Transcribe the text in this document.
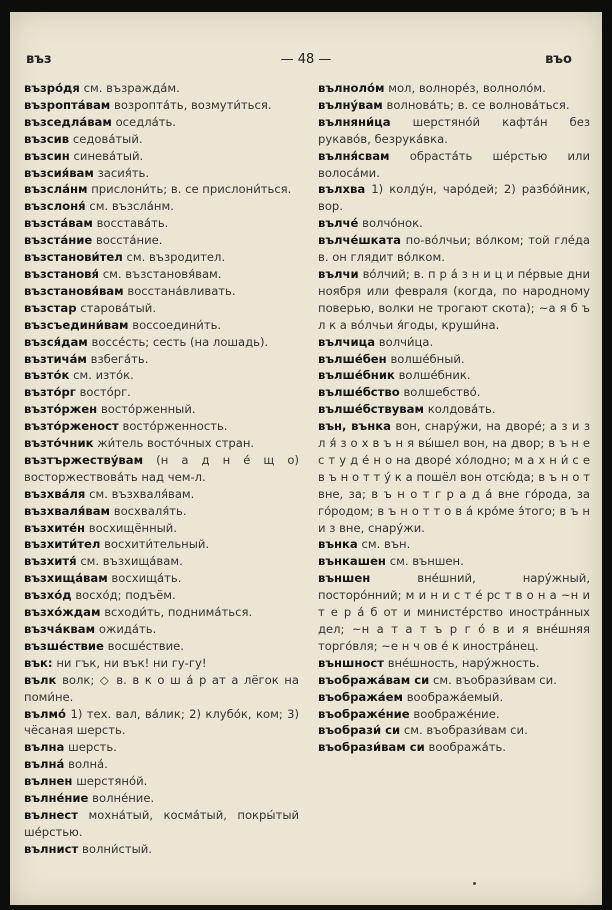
въз	— 48 —	въо
възро́дя см. възражда́м.
възропта́вам возропта́ть, возмути́ться.
възседла́вам оседла́ть.
възсив седова́тый.
възсин синева́тый.
възсия́вам засия́ть.
възсла́нм прислони́ть; в. се прислони́ться.
възслоня́ см. възсла́нм.
възста́вам восстава́ть.
възста́ние восста́ние.
възстанови́тел см. възродител.
възстановя́ см. възстановя́вам.
възстановя́вам восстана́вливать.
възстар старова́тый.
възсъедини́вам воссоедини́ть.
възся́дам воссе́сть; сесть (на лошадь).
възтича́м взбега́ть.
възто́к см. изто́к.
възто́рг восто́рг.
възто́ржен восто́рженный.
възто́рженост восто́рженность.
възто́чник жи́тель восто́чных стран.
възтържеству́вам (н а д н е́ щ о) восторжествова́ть над чем-л.
възхва́ля см. възхваля́вам.
възхваля́вам восхваля́ть.
възхите́н восхищённый.
възхити́тел восхити́тельный.
възхитя́ см. възхища́вам.
възхища́вам восхища́ть.
възхо́д восхо́д; подъём.
възхо́ждам всходи́ть, поднима́ться.
възча́квам ожида́ть.
възше́ствие восше́ствие.
вък: ни гък, ни вък! ни гу-гу!
вълк волк; ◇ в. в к о ш а́ р ат а лёгок на поми́не.
вълмо́ 1) тех. вал, ва́лик; 2) клубо́к, ком; 3) чёсаная шерсть.
вълна шерсть.
вълна́ волна́.
вълнен шерстяно́й.
вълне́ние волне́ние.
вълнест мохна́тый, косма́тый, покры́тый ше́рстью.
вълнист волни́стый.
вълноло́м мол, волноре́з, волноло́м.
вълну́вам волнова́ть; в. се волнова́ться.
вълняни́ца шерстяно́й кафта́н без рукаво́в, безрука́вка.
вълня́свам обраста́ть ше́рстью или волоса́ми.
вълхва 1) колду́н, чаро́дей; 2) разбо́йник, вор.
вълче́ волчо́нок.
вълче́шката по-во́лчьи; во́лком; той гле́да в. он глядит во́лком.
вълчи во́лчий; в. п р а́ з н и ц и пе́рвые дни ноября или февраля (когда, по народному поверью, волки не трогают скота); ~а я б ъ л к а во́лчьи я́годы, круши́на.
вълчица волчи́ца.
вълше́бен волше́бный.
вълше́бник волше́бник.
вълше́бство волшебство́.
вълше́бствувам колдова́ть.
вън, вънка вон, снару́жи, на дворе́; а з и з л я́ з о х в ъ н я вы́шел вон, на двор; в ъ н е с т у д е́ н о на дворе́ хо́лодно; м а х н и́ с е в ъ н о т т у́ к а пошёл вон отсю́да; в ъ н о т вне, за; в ъ н о т г р а д а́ вне го́рода, за го́родом; в ъ н о т т о в а́ кро́ме э́того; в ъ н и з вне, снару́жи.
вънка см. вън.
вънкашен см. външен.
външен	вне́шний, нару́жный, посторо́нний; м и н и с т е́ рс т в о н а ~н и т е р а́ б от и министе́рство иностра́нных дел; ~н а т а т ъ р г о́ в и я вне́шняя торго́вля; ~е н ч ов е́ к иностра́нец.
външност вне́шность, нару́жность.
въобража́вам си см. въобрази́вам си.
въобража́ем вообража́емый.
въображе́ние воображе́ние.
въобрази́ си см. въобрази́вам си.
въобрази́вам си вообража́ть.
